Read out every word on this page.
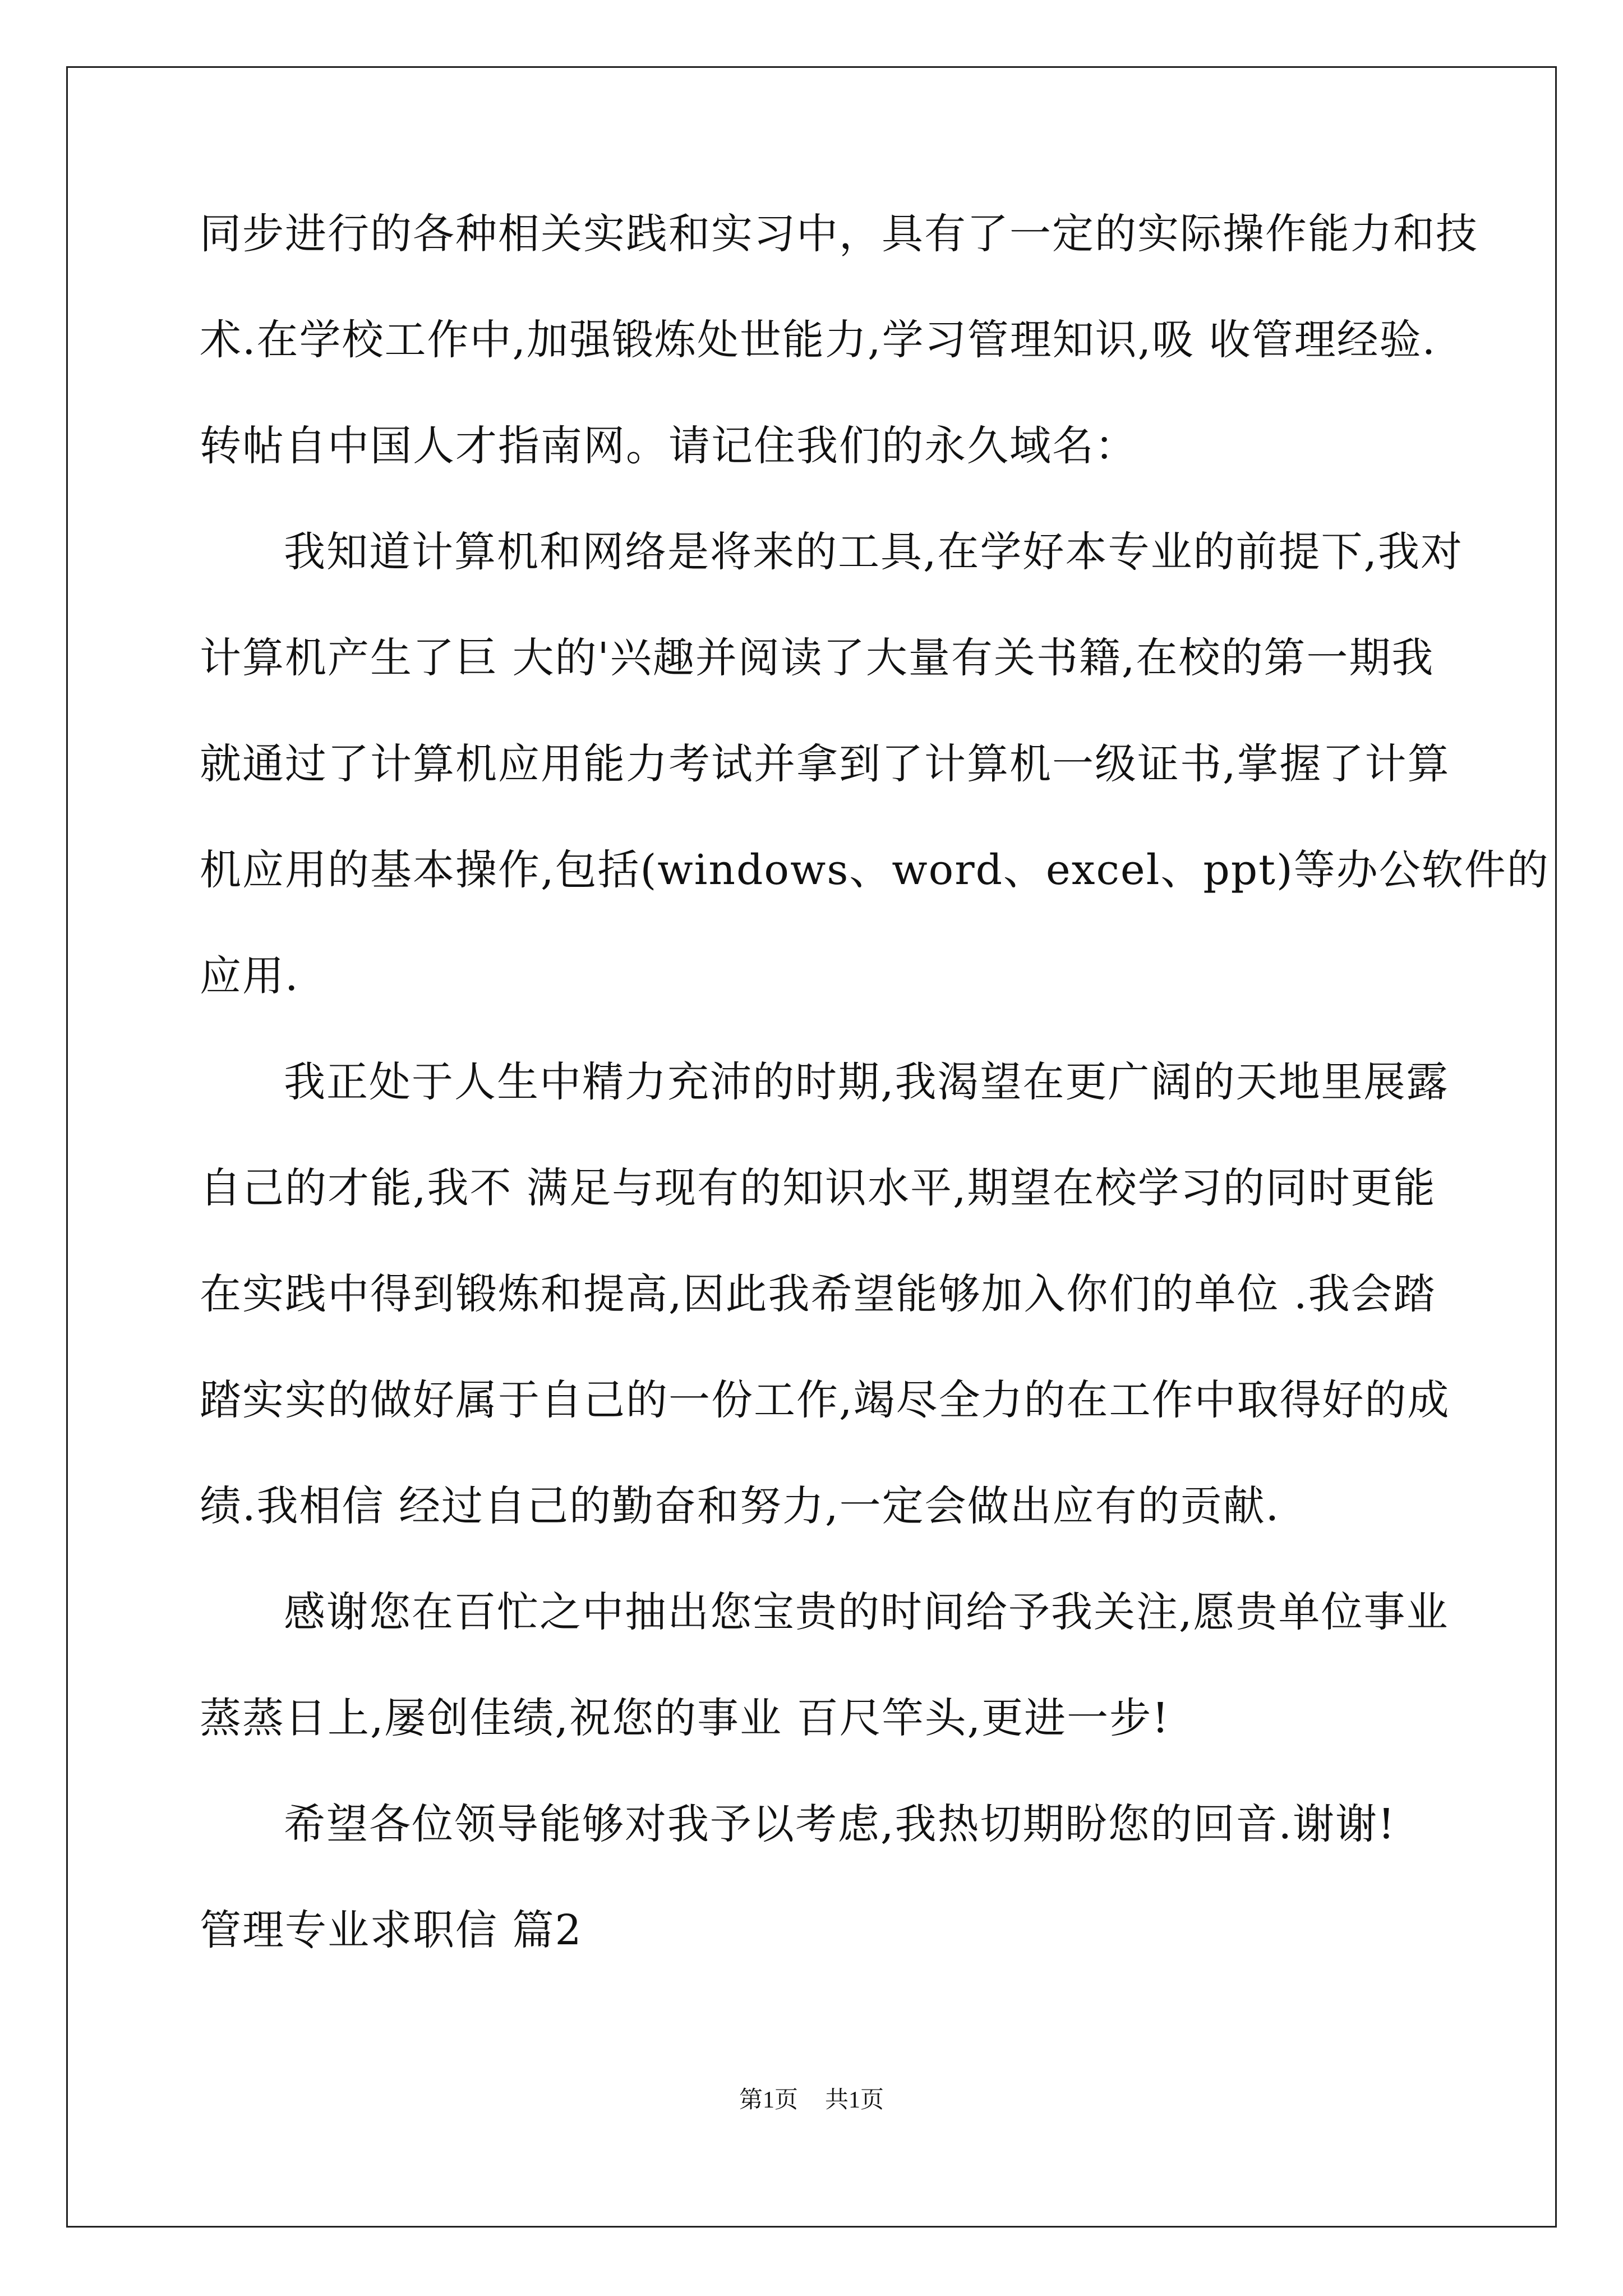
同步进行的各种相关实践和实习中，具有了一定的实际操作能力和技
术.在学校工作中,加强锻炼处世能力,学习管理知识,吸 收管理经验.
转帖自中国人才指南网。请记住我们的永久域名：
我知道计算机和网络是将来的工具,在学好本专业的前提下,我对
计算机产生了巨 大的'兴趣并阅读了大量有关书籍,在校的第一期我
就通过了计算机应用能力考试并拿到了计算机一级证书,掌握了计算
机应用的基本操作,包括(windows、word、excel、ppt)等办公软件的
应用.
我正处于人生中精力充沛的时期,我渴望在更广阔的天地里展露
自己的才能,我不 满足与现有的知识水平,期望在校学习的同时更能
在实践中得到锻炼和提高,因此我希望能够加入你们的单位 .我会踏
踏实实的做好属于自己的一份工作,竭尽全力的在工作中取得好的成
绩.我相信 经过自己的勤奋和努力,一定会做出应有的贡献.
感谢您在百忙之中抽出您宝贵的时间给予我关注,愿贵单位事业
蒸蒸日上,屡创佳绩,祝您的事业 百尺竿头,更进一步!
希望各位领导能够对我予以考虑,我热切期盼您的回音.谢谢!
管理专业求职信 篇2
第1页 共1页
